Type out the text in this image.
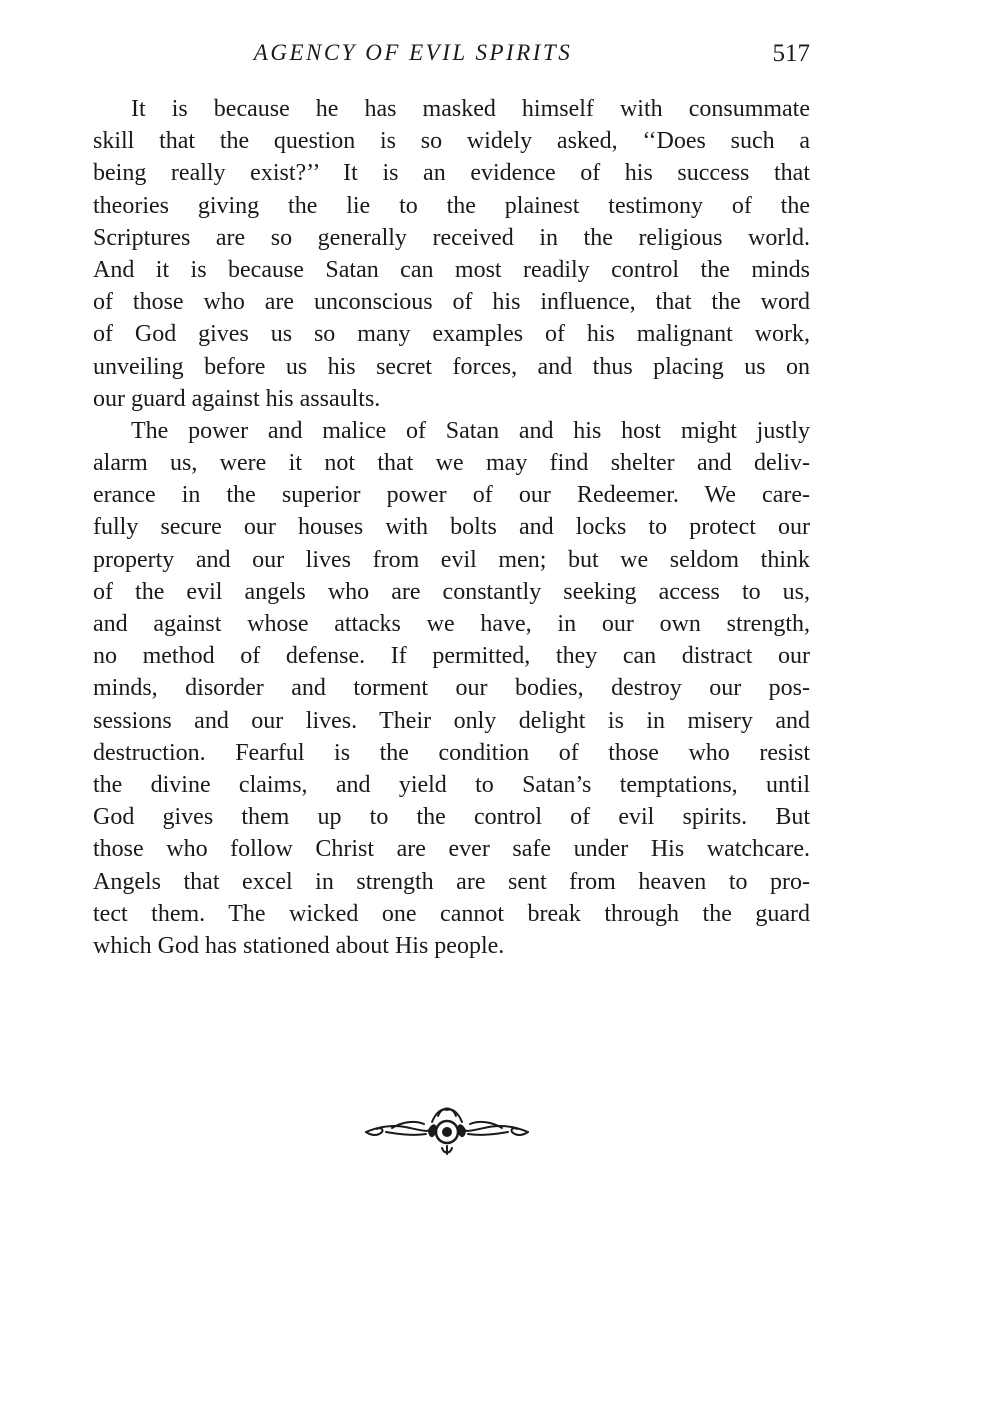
AGENCY OF EVIL SPIRITS	517
It is because he has masked himself with consummate
skill that the question is so widely asked, ‘‘Does such a
being really exist?’’ It is an evidence of his success that
theories giving the lie to the plainest testimony of the
Scriptures are so generally received in the religious world.
And it is because Satan can most readily control the minds
of those who are unconscious of his influence, that the word
of God gives us so many examples of his malignant work,
unveiling before us his secret forces, and thus placing us on
our guard against his assaults.
The power and malice of Satan and his host might justly
alarm us, were it not that we may find shelter and deliv-
erance in the superior power of our Redeemer. We care-
fully secure our houses with bolts and locks to protect our
property and our lives from evil men; but we seldom think
of the evil angels who are constantly seeking access to us,
and against whose attacks we have, in our own strength,
no method of defense. If permitted, they can distract our
minds, disorder and torment our bodies, destroy our pos-
sessions and our lives. Their only delight is in misery and
destruction. Fearful is the condition of those who resist
the divine claims, and yield to Satan’s temptations, until
God gives them up to the control of evil spirits. But
those who follow Christ are ever safe under His watchcare.
Angels that excel in strength are sent from heaven to pro-
tect them. The wicked one cannot break through the guard
which God has stationed about His people.
